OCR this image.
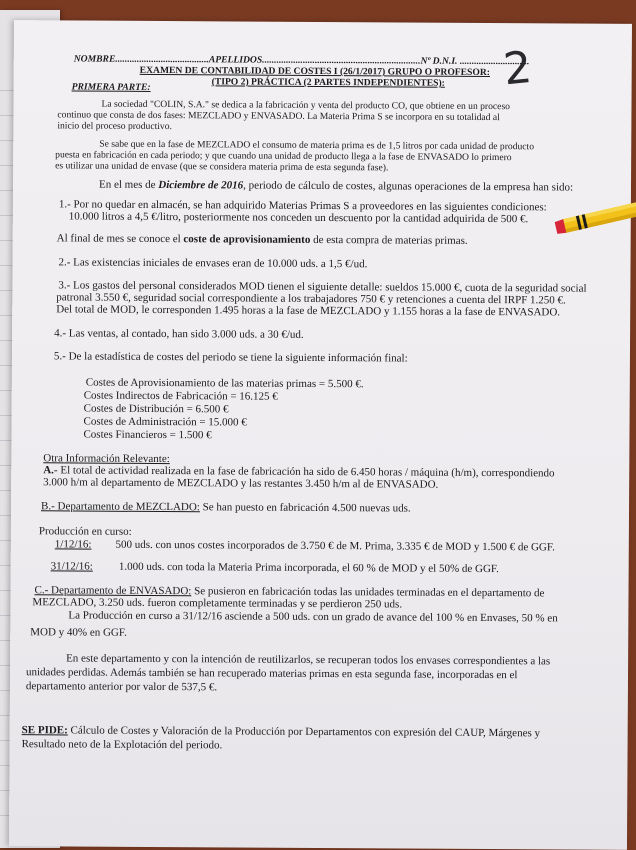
NOMBRE.......................................APELLIDOS..................................................................Nº D.N.I. .............................
EXAMEN DE CONTABILIDAD DE COSTES I (26/1/2017) GRUPO O PROFESOR:
(TIPO 2) PRÁCTICA (2 PARTES INDEPENDIENTES):
PRIMERA PARTE:	2
La sociedad "COLIN, S.A." se dedica a la fabricación y venta del producto CO, que obtiene en un proceso
continuo que consta de dos fases: MEZCLADO y ENVASADO. La Materia Prima S se incorpora en su totalidad al
inicio del proceso productivo.
Se sabe que en la fase de MEZCLADO el consumo de materia prima es de 1,5 litros por cada unidad de producto
puesta en fabricación en cada periodo; y que cuando una unidad de producto llega a la fase de ENVASADO lo primero
es utilizar una unidad de envase (que se considera materia prima de esta segunda fase).
En el mes de Diciembre de 2016, periodo de cálculo de costes, algunas operaciones de la empresa han sido:
1.- Por no quedar en almacén, se han adquirido Materias Primas S a proveedores en las siguientes condiciones:
10.000 litros a 4,5 €/litro, posteriormente nos conceden un descuento por la cantidad adquirida de 500 €.
Al final de mes se conoce el coste de aprovisionamiento de esta compra de materias primas.
2.- Las existencias iniciales de envases eran de 10.000 uds. a 1,5 €/ud.
3.- Los gastos del personal considerados MOD tienen el siguiente detalle: sueldos 15.000 €, cuota de la seguridad social
patronal 3.550 €, seguridad social correspondiente a los trabajadores 750 € y retenciones a cuenta del IRPF 1.250 €.
Del total de MOD, le corresponden 1.495 horas a la fase de MEZCLADO y 1.155 horas a la fase de ENVASADO.
4.- Las ventas, al contado, han sido 3.000 uds. a 30 €/ud.
5.- De la estadística de costes del periodo se tiene la siguiente información final:
Costes de Aprovisionamiento de las materias primas = 5.500 €.
Costes Indirectos de Fabricación = 16.125 €
Costes de Distribución = 6.500 €
Costes de Administración = 15.000 €
Costes Financieros = 1.500 €
Otra Información Relevante:
A.- El total de actividad realizada en la fase de fabricación ha sido de 6.450 horas / máquina (h/m), correspondiendo
3.000 h/m al departamento de MEZCLADO y las restantes 3.450 h/m al de ENVASADO.
B.- Departamento de MEZCLADO: Se han puesto en fabricación 4.500 nuevas uds.
Producción en curso:
1/12/16: 500 uds. con unos costes incorporados de 3.750 € de M. Prima, 3.335 € de MOD y 1.500 € de GGF.
31/12/16: 1.000 uds. con toda la Materia Prima incorporada, el 60 % de MOD y el 50% de GGF.
C.- Departamento de ENVASADO: Se pusieron en fabricación todas las unidades terminadas en el departamento de
MEZCLADO, 3.250 uds. fueron completamente terminadas y se perdieron 250 uds.
La Producción en curso a 31/12/16 asciende a 500 uds. con un grado de avance del 100 % en Envases, 50 % en
MOD y 40% en GGF.
En este departamento y con la intención de reutilizarlos, se recuperan todos los envases correspondientes a las
unidades perdidas. Además también se han recuperado materias primas en esta segunda fase, incorporadas en el
departamento anterior por valor de 537,5 €.
SE PIDE: Cálculo de Costes y Valoración de la Producción por Departamentos con expresión del CAUP, Márgenes y
Resultado neto de la Explotación del periodo.
